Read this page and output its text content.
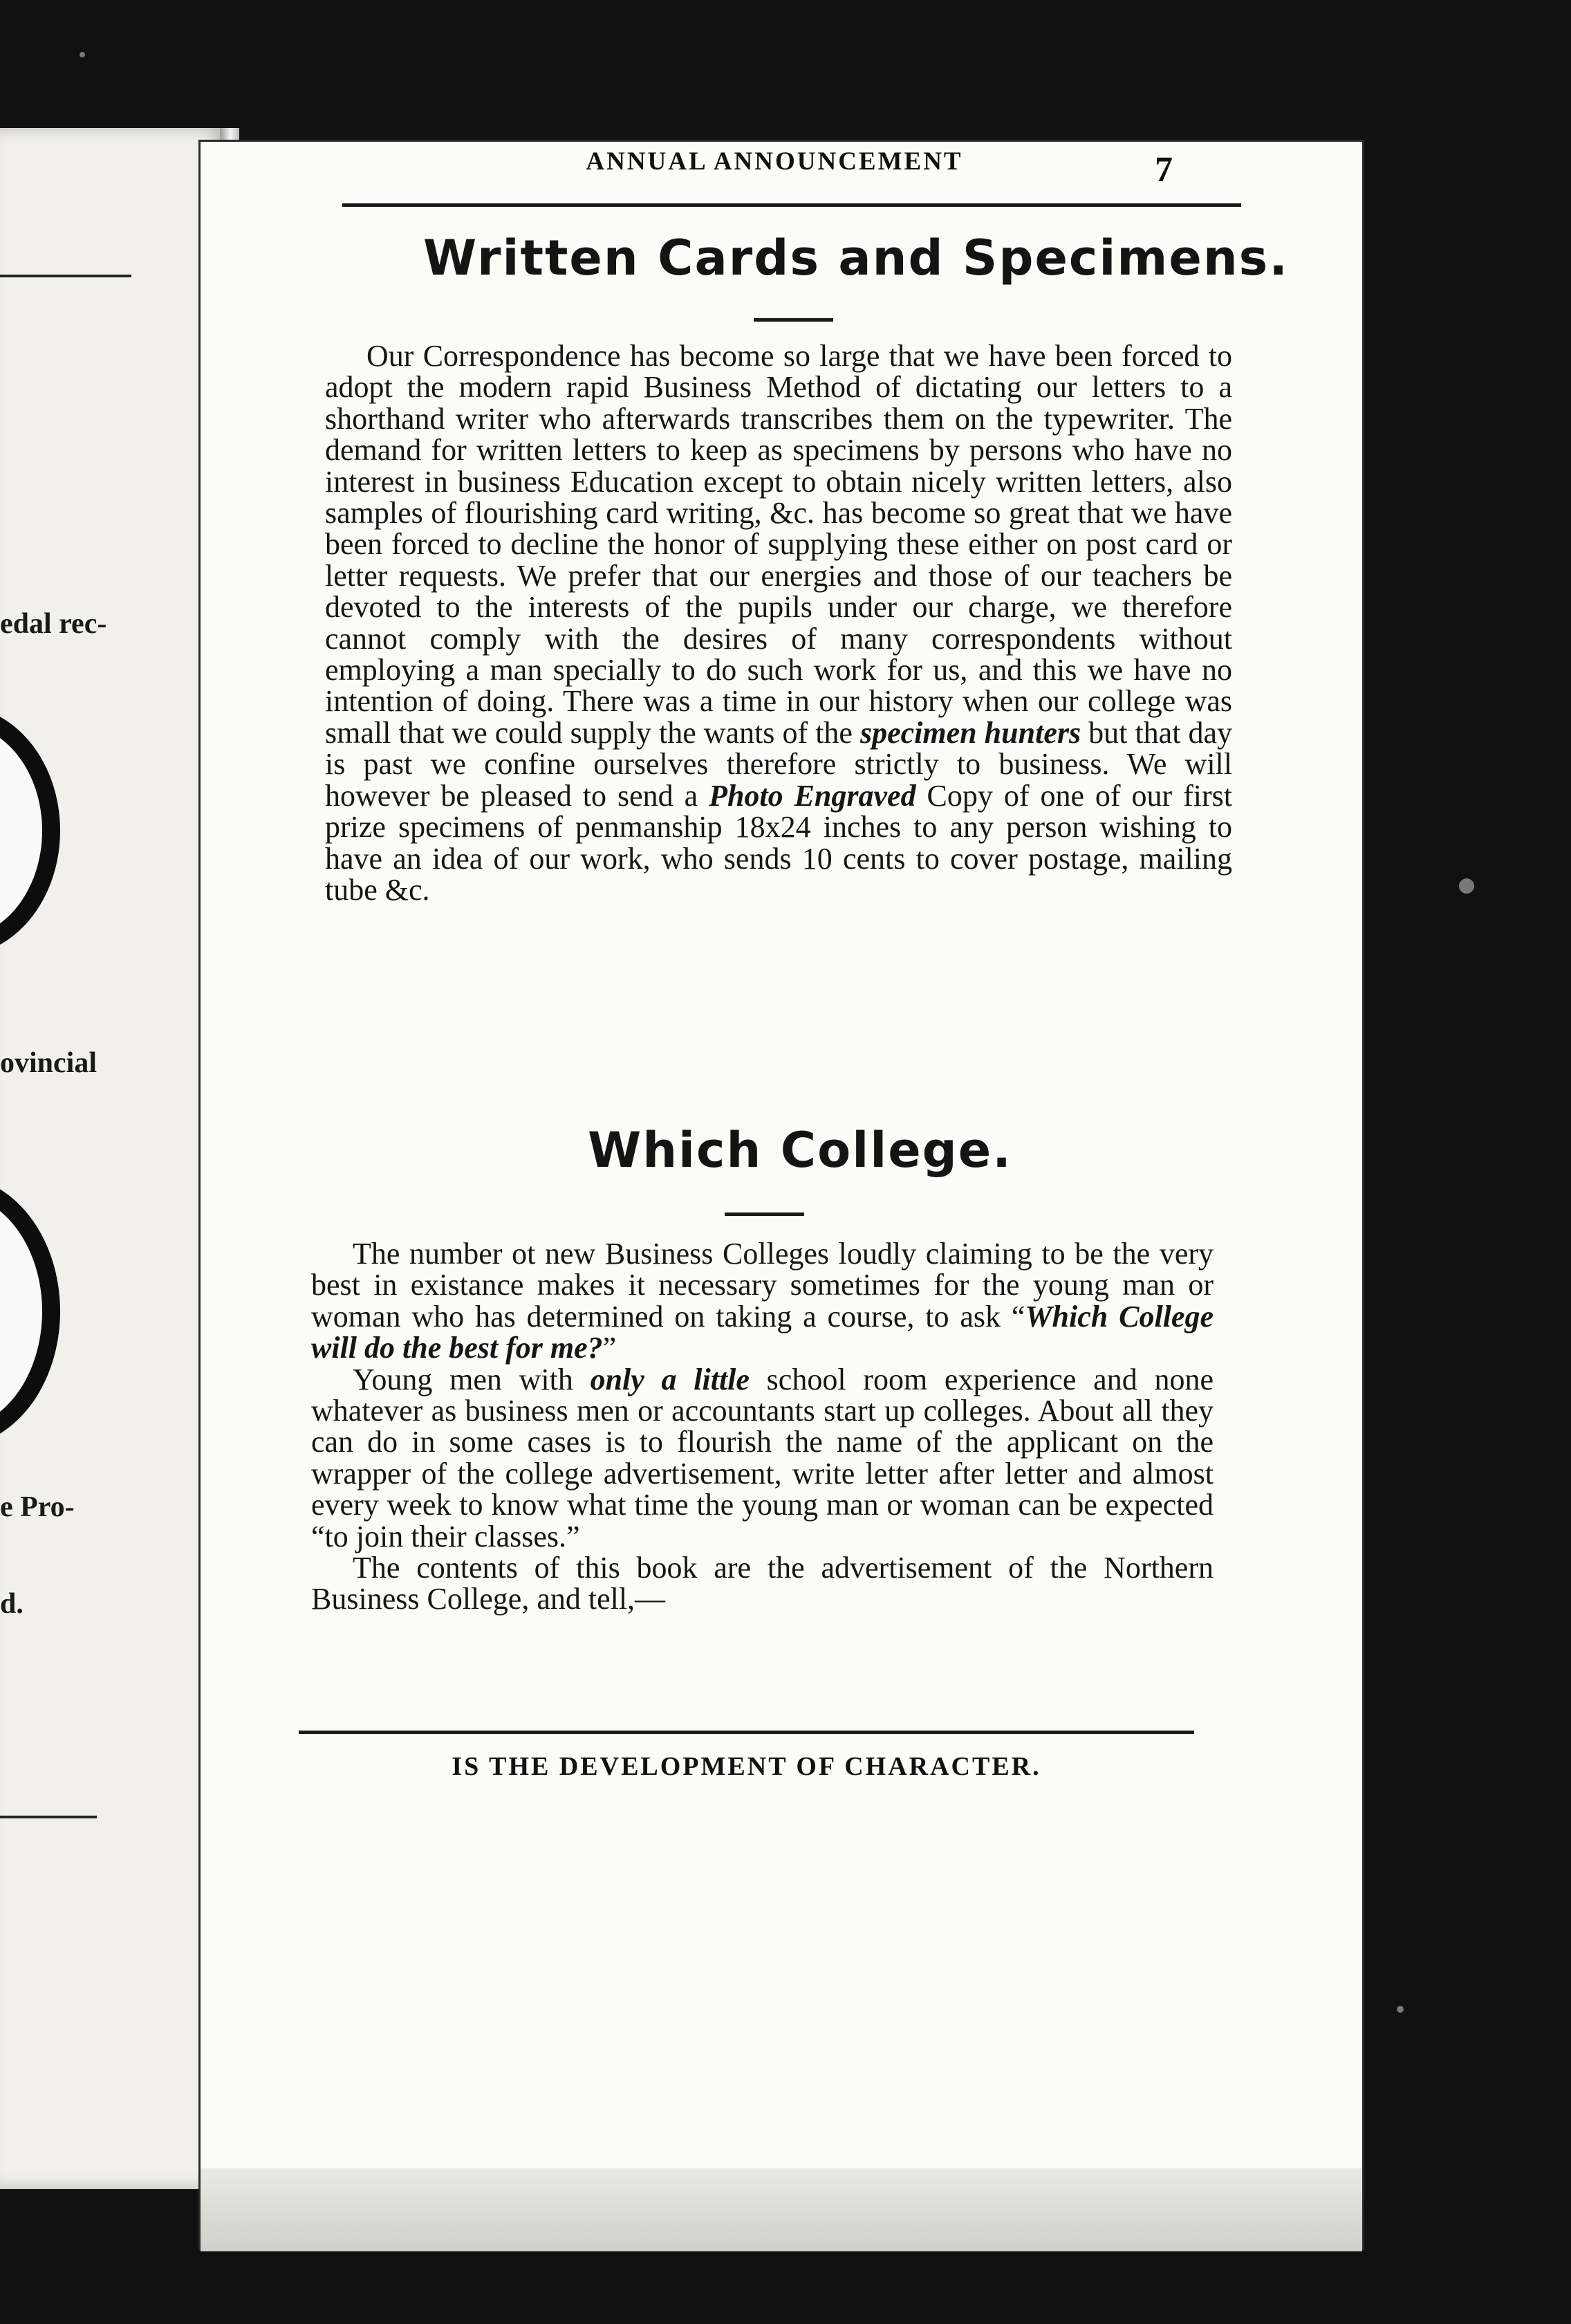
edal rec-
ovincial
e Pro-
d.
ANNUAL ANNOUNCEMENT	7
Written Cards and Specimens.

Our Correspondence has become so large that we have been forced to adopt the modern rapid Business Method of dictating our letters to a shorthand writer who afterwards transcribes them on the typewriter. The demand for written letters to keep as specimens by persons who have no interest in business Education except to obtain nicely written letters, also samples of flourishing card writing, &c. has become so great that we have been forced to decline the honor of supplying these either on post card or letter requests. We prefer that our energies and those of our teachers be devoted to the interests of the pupils under our charge, we therefore cannot comply with the desires of many correspondents without employing a man specially to do such work for us, and this we have no intention of doing. There was a time in our history when our college was small that we could supply the wants of the specimen hunters but that day is past we confine ourselves therefore strictly to business. We will however be pleased to send a Photo Engraved Copy of one of our first prize specimens of penmanship 18x24 inches to any person wishing to have an idea of our work, who sends 10 cents to cover postage, mailing tube &c.

Which College.

The number ot new Business Colleges loudly claiming to be the very best in existance makes it necessary sometimes for the young man or woman who has determined on taking a course, to ask “Which College will do the best for me?”

Young men with only a little school room experience and none whatever as business men or accountants start up colleges. About all they can do in some cases is to flourish the name of the applicant on the wrapper of the college advertisement, write letter after letter and almost every week to know what time the young man or woman can be expected “to join their classes.”

The contents of this book are the advertisement of the Northern Business College, and tell,—

IS THE DEVELOPMENT OF CHARACTER.
